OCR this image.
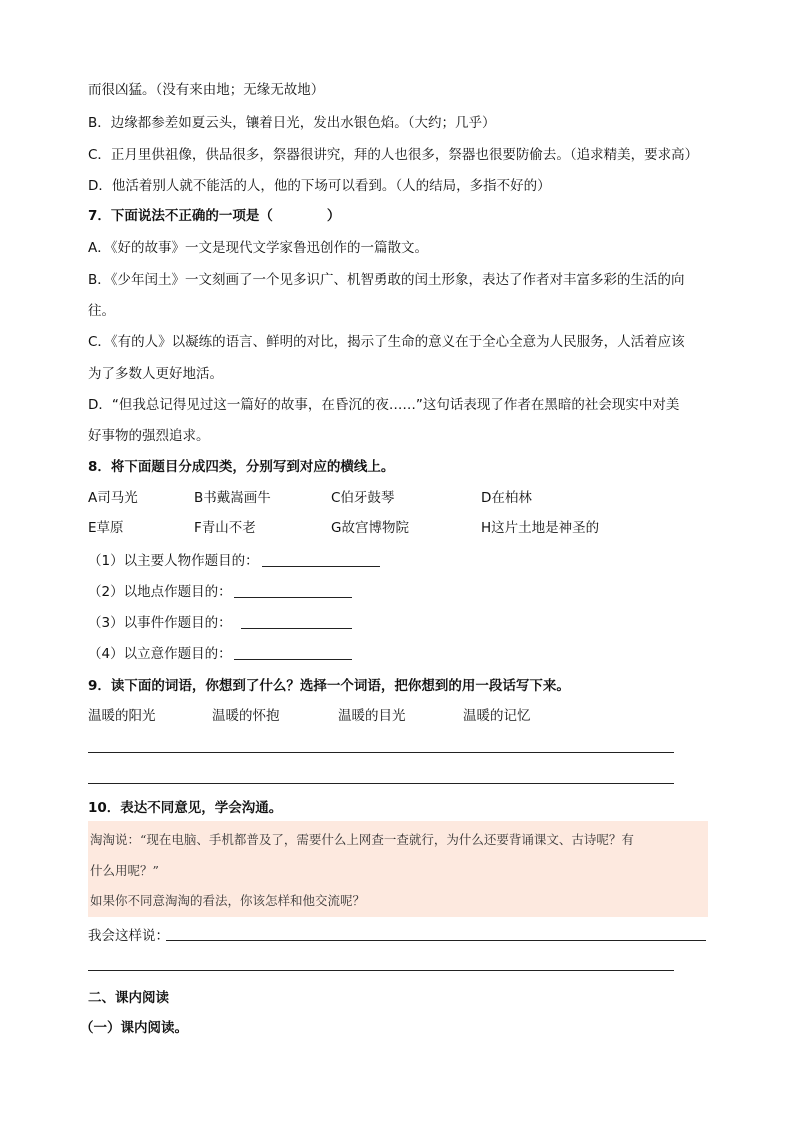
而很凶猛。（没有来由地；无缘无故地）
B．边缘都参差如夏云头，镶着日光，发出水银色焰。（大约；几乎）
C．正月里供祖像，供品很多，祭器很讲究，拜的人也很多，祭器也很要防偷去。（追求精美，要求高）
D．他活着别人就不能活的人，他的下场可以看到。（人的结局，多指不好的）
7．下面说法不正确的一项是（　　　　）
A．《好的故事》一文是现代文学家鲁迅创作的一篇散文。
B．《少年闰土》一文刻画了一个见多识广、机智勇敢的闰土形象，表达了作者对丰富多彩的生活的向
往。
C．《有的人》以凝练的语言、鲜明的对比，揭示了生命的意义在于全心全意为人民服务，人活着应该
为了多数人更好地活。
D．“但我总记得见过这一篇好的故事，在昏沉的夜……”这句话表现了作者在黑暗的社会现实中对美
好事物的强烈追求。
8．将下面题目分成四类，分别写到对应的横线上。
A司马光	B书戴嵩画牛	C伯牙鼓琴	D在柏林
E草原	F青山不老	G故宫博物院	H这片土地是神圣的
（1）以主要人物作题目的：
（2）以地点作题目的：
（3）以事件作题目的：
（4）以立意作题目的：
9．读下面的词语，你想到了什么？选择一个词语，把你想到的用一段话写下来。
温暖的阳光	温暖的怀抱	温暖的目光	温暖的记忆
10．表达不同意见，学会沟通。
淘淘说：“现在电脑、手机都普及了，需要什么上网查一查就行，为什么还要背诵课文、古诗呢？有
什么用呢？”
如果你不同意淘淘的看法，你该怎样和他交流呢？
我会这样说：
二、课内阅读
（一）课内阅读。
